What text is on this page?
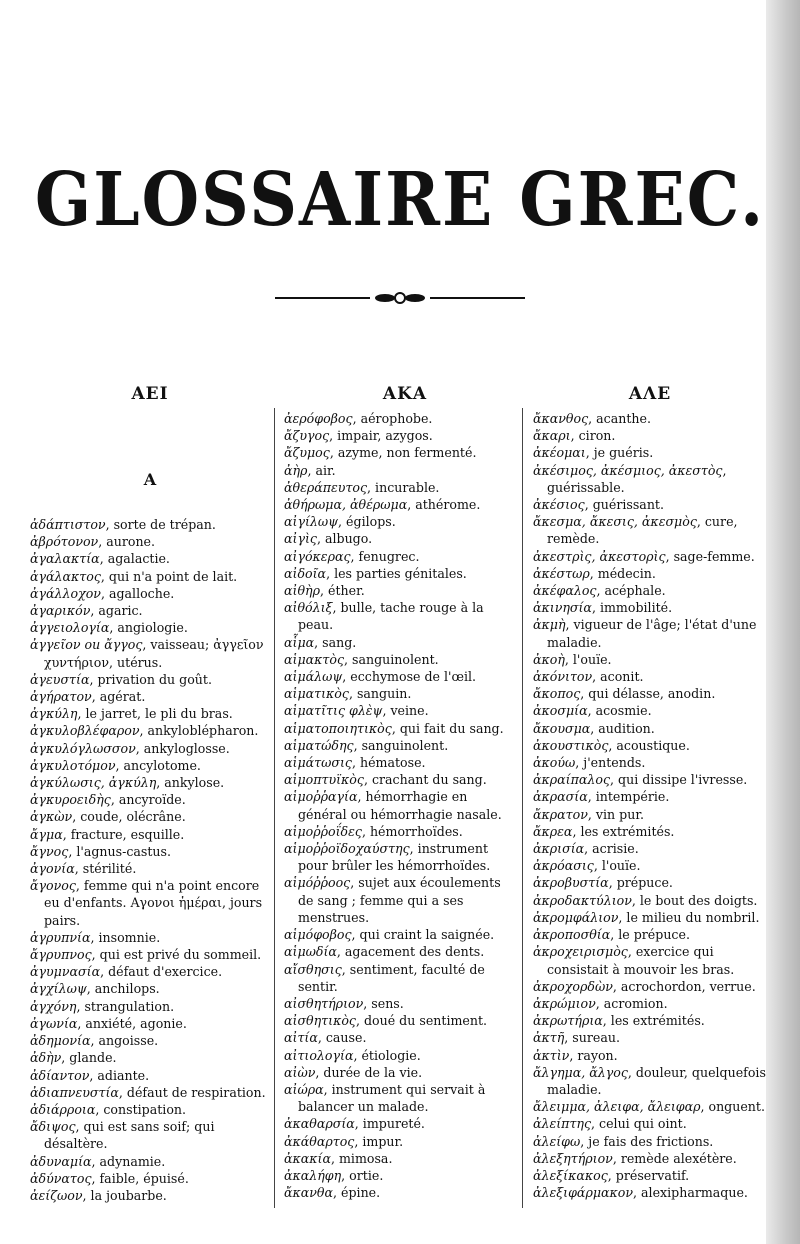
GLOSSAIRE GREC.
ΑΕΙ	ΑΚΑ	ΑΛΕ
A
ἀδάπτιστον, sorte de trépan.
ἀβρότονον, aurone.
ἀγαλακτία, agalactie.
ἀγάλακτος, qui n'a point de lait.
ἀγάλλοχον, agalloche.
ἀγαρικόν, agaric.
ἀγγειολογία, angiologie.
ἀγγεῖον ou ἄγγος, vaisseau; ἀγγεῖον χυντήριον, utérus.
ἀγευστία, privation du goût.
ἀγήρατον, agérat.
ἀγκύλη, le jarret, le pli du bras.
ἀγκυλοβλέφαρον, ankyloblépharon.
ἀγκυλόγλωσσον, ankyloglosse.
ἀγκυλοτόμον, ancylotome.
ἀγκύλωσις, ἀγκύλη, ankylose.
ἀγκυροειδὴς, ancyroïde.
ἀγκὼν, coude, olécrâne.
ἄγμα, fracture, esquille.
ἄγνος, l'agnus-castus.
ἀγονία, stérilité.
ἄγονος, femme qui n'a point encore eu d'enfants. Αγονοι ἡμέραι, jours pairs.
ἀγρυπνία, insomnie.
ἄγρυπνος, qui est privé du sommeil.
ἀγυμνασία, défaut d'exercice.
ἀγχίλωψ, anchilops.
ἀγχόνη, strangulation.
ἀγωνία, anxiété, agonie.
ἀδημονία, angoisse.
ἀδὴν, glande.
ἀδίαντον, adiante.
ἀδιαπνευστία, défaut de respiration.
ἀδιάρροια, constipation.
ἄδιψος, qui est sans soif; qui désaltère.
ἀδυναμία, adynamie.
ἀδύνατος, faible, épuisé.
ἀείζωον, la joubarbe.
ἀερόφοβος, aérophobe.
ἄζυγος, impair, azygos.
ἄζυμος, azyme, non fermenté.
ἀὴρ, air.
ἀθεράπευτος, incurable.
ἀθήρωμα, ἀθέρωμα, athérome.
αἰγίλωψ, égilops.
αἰγὶς, albugo.
αἰγόκερας, fenugrec.
αἰδοῖα, les parties génitales.
αἰθὴρ, éther.
αἰθόλιξ, bulle, tache rouge à la peau.
αἷμα, sang.
αἱμακτὸς, sanguinolent.
αἱμάλωψ, ecchymose de l'œil.
αἱματικὸς, sanguin.
αἱματῖτις φλὲψ, veine.
αἱματοποιητικὸς, qui fait du sang.
αἱματώδης, sanguinolent.
αἱμάτωσις, hématose.
αἱμοπτυϊκὸς, crachant du sang.
αἱμοῤῥαγία, hémorrhagie en général ou hémorrhagie nasale.
αἱμοῤῥοΐδες, hémorrhoïdes.
αἱμοῤῥοϊδοχαύστης, instrument pour brûler les hémorrhoïdes.
αἱμόῤῥοος, sujet aux écoulements de sang ; femme qui a ses menstrues.
αἱμόφοβος, qui craint la saignée.
αἱμωδία, agacement des dents.
αἴσθησις, sentiment, faculté de sentir.
αἰσθητήριον, sens.
αἰσθητικὸς, doué du sentiment.
αἰτία, cause.
αἰτιολογία, étiologie.
αἰὼν, durée de la vie.
αἰώρα, instrument qui servait à balancer un malade.
ἀκαθαρσία, impureté.
ἀκάθαρτος, impur.
ἀκακία, mimosa.
ἀκαλήφη, ortie.
ἄκανθα, épine.
ἄκανθος, acanthe.
ἄκαρι, ciron.
ἀκέομαι, je guéris.
ἀκέσιμος, ἀκέσμιος, ἀκεστὸς, guérissable.
ἀκέσιος, guérissant.
ἄκεσμα, ἄκεσις, ἀκεσμὸς, cure, remède.
ἀκεστρὶς, ἀκεστορὶς, sage-femme.
ἀκέστωρ, médecin.
ἀκέφαλος, acéphale.
ἀκινησία, immobilité.
ἀκμὴ, vigueur de l'âge; l'état d'une maladie.
ἀκοὴ, l'ouïe.
ἀκόνιτον, aconit.
ἄκοπος, qui délasse, anodin.
ἀκοσμία, acosmie.
ἄκουσμα, audition.
ἀκουστικὸς, acoustique.
ἀκούω, j'entends.
ἀκραίπαλος, qui dissipe l'ivresse.
ἀκρασία, intempérie.
ἄκρατον, vin pur.
ἄκρεα, les extrémités.
ἀκρισία, acrisie.
ἀκρόασις, l'ouïe.
ἀκροβυστία, prépuce.
ἀκροδακτύλιον, le bout des doigts.
ἀκρομφάλιον, le milieu du nombril.
ἀκροποσθία, le prépuce.
ἀκροχειρισμὸς, exercice qui consistait à mouvoir les bras.
ἀκροχορδὼν, acrochordon, verrue.
ἀκρώμιον, acromion.
ἀκρωτήρια, les extrémités.
ἀκτῆ, sureau.
ἀκτὶν, rayon.
ἄλγημα, ἄλγος, douleur, quelquefois maladie.
ἄλειμμα, ἀλειφα, ἄλειφαρ, onguent.
ἀλείπτης, celui qui oint.
ἀλείφω, je fais des frictions.
ἀλεξητήριον, remède alexétère.
ἀλεξίκακος, préservatif.
ἀλεξιφάρμακον, alexipharmaque.
